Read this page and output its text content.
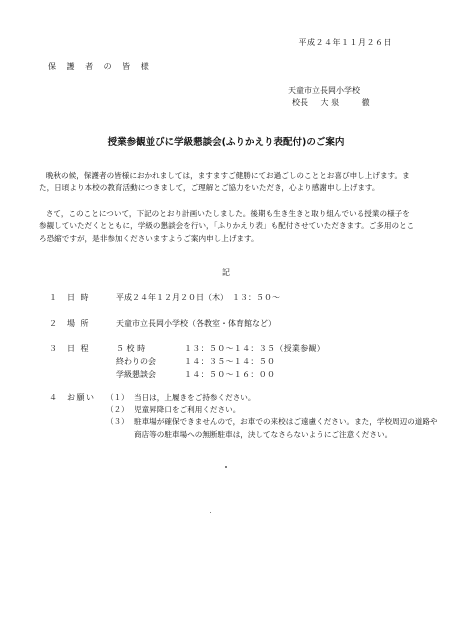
平成２４年１１月２６日
保 護 者 の 皆 様
天童市立長岡小学校
校長 大 泉	徹
授業参観並びに学級懇談会(ふりかえり表配付)のご案内
晩秋の候，保護者の皆様におかれましては，ますますご健勝にてお過ごしのこととお喜び申し上げます。また，日頃より本校の教育活動につきまして，ご理解とご協力をいただき，心より感謝申し上げます。
さて，このことについて，下記のとおり計画いたしました。後期も生き生きと取り組んでいる授業の様子を参観していただくとともに，学級の懇談会を行い，「ふりかえり表」も配付させていただきます。ご多用のところ恐縮ですが，是非参加くださいますようご案内申し上げます。
記
１ 日 時	平成２４年１２月２０日（木）　１３：５０～
２ 場 所	天童市立長岡小学校（各教室・体育館など）
３ 日 程	５ 校 時	１３：５０～１４：３５（授業参観）
終わりの会	１４：３５～１４：５０
学級懇談会	１４：５０～１６：００
４ お願い （１） 当日は，上履きをご持参ください。
（２） 児童昇降口をご利用ください。
（３） 駐車場が確保できませんので，お車での来校はご遠慮ください。また，学校周辺の道路や商店等の駐車場への無断駐車は，決してなさらないようにご注意ください。
